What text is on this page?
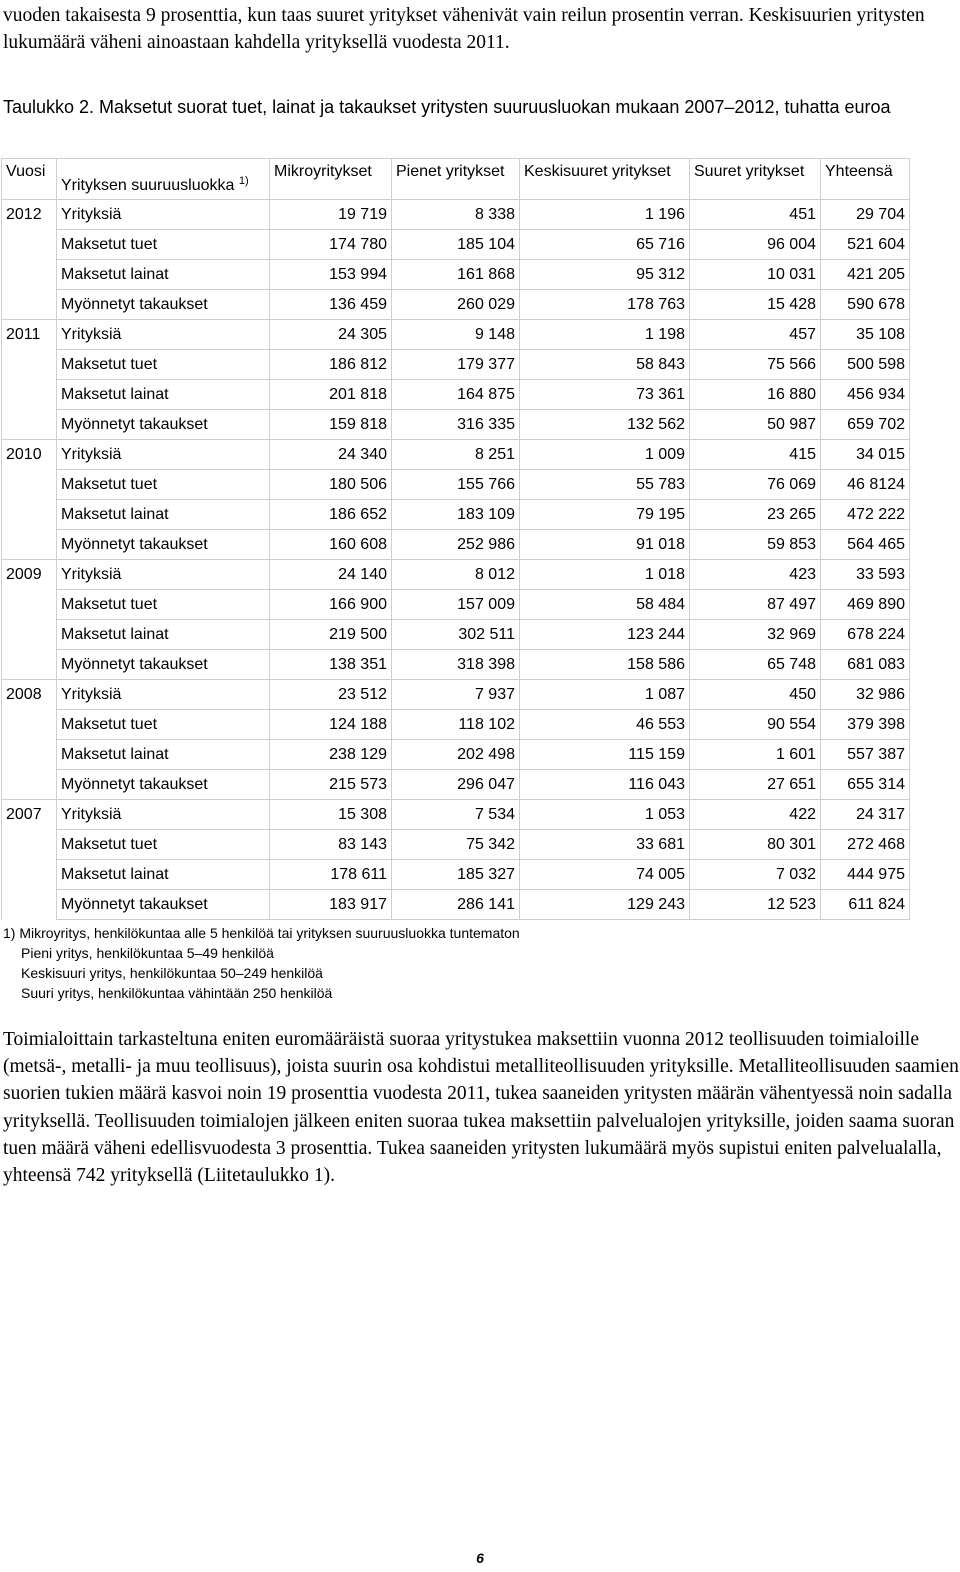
vuoden takaisesta 9 prosenttia, kun taas suuret yritykset vähenivät vain reilun prosentin verran. Keskisuurien yritysten lukumäärä väheni ainoastaan kahdella yrityksellä vuodesta 2011.

Taulukko 2. Maksetut suorat tuet, lainat ja takaukset yritysten suuruusluokan mukaan 2007–2012, tuhatta euroa

Vuosi	Yrityksen suuruusluokka $^{1)}$	Mikroyritykset	Pienet yritykset	Keskisuuret yritykset	Suuret yritykset	Yhteensä
2012	Yrityksiä	19 719	8 338	1 196	451	29 704
	Maksetut tuet	174 780	185 104	65 716	96 004	521 604
	Maksetut lainat	153 994	161 868	95 312	10 031	421 205
	Myönnetyt takaukset	136 459	260 029	178 763	15 428	590 678
2011	Yrityksiä	24 305	9 148	1 198	457	35 108
	Maksetut tuet	186 812	179 377	58 843	75 566	500 598
	Maksetut lainat	201 818	164 875	73 361	16 880	456 934
	Myönnetyt takaukset	159 818	316 335	132 562	50 987	659 702
2010	Yrityksiä	24 340	8 251	1 009	415	34 015
	Maksetut tuet	180 506	155 766	55 783	76 069	46 8124
	Maksetut lainat	186 652	183 109	79 195	23 265	472 222
	Myönnetyt takaukset	160 608	252 986	91 018	59 853	564 465
2009	Yrityksiä	24 140	8 012	1 018	423	33 593
	Maksetut tuet	166 900	157 009	58 484	87 497	469 890
	Maksetut lainat	219 500	302 511	123 244	32 969	678 224
	Myönnetyt takaukset	138 351	318 398	158 586	65 748	681 083
2008	Yrityksiä	23 512	7 937	1 087	450	32 986
	Maksetut tuet	124 188	118 102	46 553	90 554	379 398
	Maksetut lainat	238 129	202 498	115 159	1 601	557 387
	Myönnetyt takaukset	215 573	296 047	116 043	27 651	655 314
2007	Yrityksiä	15 308	7 534	1 053	422	24 317
	Maksetut tuet	83 143	75 342	33 681	80 301	272 468
	Maksetut lainat	178 611	185 327	74 005	7 032	444 975
	Myönnetyt takaukset	183 917	286 141	129 243	12 523	611 824
1) Mikroyritys, henkilökuntaa alle 5 henkilöä tai yrityksen suuruusluokka tuntematon
Pieni yritys, henkilökuntaa 5–49 henkilöä
Keskisuuri yritys, henkilökuntaa 50–249 henkilöä
Suuri yritys, henkilökuntaa vähintään 250 henkilöä

Toimialoittain tarkasteltuna eniten euromääräistä suoraa yritystukea maksettiin vuonna 2012 teollisuuden toimialoille (metsä-, metalli- ja muu teollisuus), joista suurin osa kohdistui metalliteollisuuden yrityksille. Metalliteollisuuden saamien suorien tukien määrä kasvoi noin 19 prosenttia vuodesta 2011, tukea saaneiden yritysten määrän vähentyessä noin sadalla yrityksellä. Teollisuuden toimialojen jälkeen eniten suoraa tukea maksettiin palvelualojen yrityksille, joiden saama suoran tuen määrä väheni edellisvuodesta 3 prosenttia. Tukea saaneiden yritysten lukumäärä myös supistui eniten palvelualalla, yhteensä 742 yrityksellä (Liitetaulukko 1).

6
